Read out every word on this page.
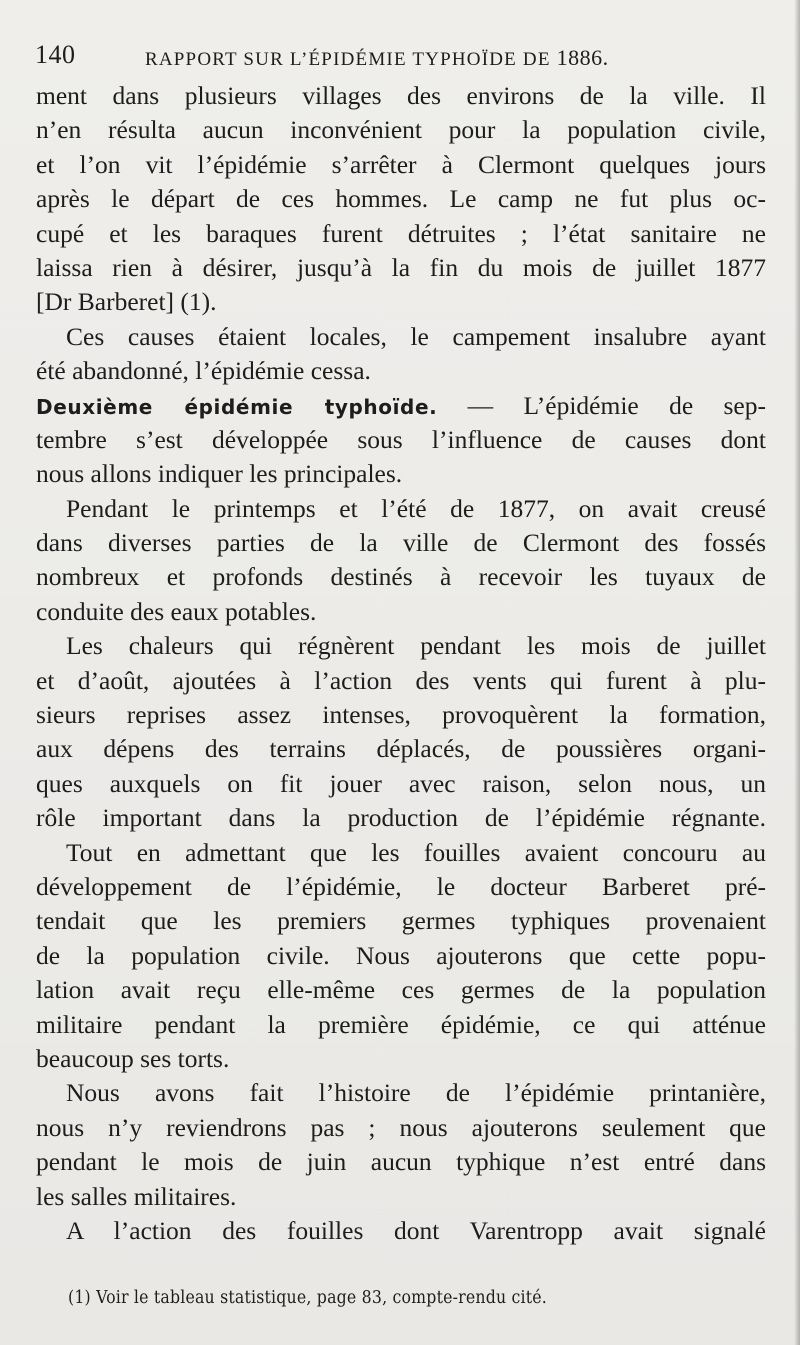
140	RAPPORT SUR L’ÉPIDÉMIE TYPHOÏDE DE 1886.
ment dans plusieurs villages des environs de la ville. Il
n’en résulta aucun inconvénient pour la population civile,
et l’on vit l’épidémie s’arrêter à Clermont quelques jours
après le départ de ces hommes. Le camp ne fut plus oc-
cupé et les baraques furent détruites ; l’état sanitaire ne
laissa rien à désirer, jusqu’à la fin du mois de juillet 1877
[Dr Barberet] (1).
Ces causes étaient locales, le campement insalubre ayant
été abandonné, l’épidémie cessa.
Deuxième épidémie typhoïde. — L’épidémie de sep-
tembre s’est développée sous l’influence de causes dont
nous allons indiquer les principales.
Pendant le printemps et l’été de 1877, on avait creusé
dans diverses parties de la ville de Clermont des fossés
nombreux et profonds destinés à recevoir les tuyaux de
conduite des eaux potables.
Les chaleurs qui régnèrent pendant les mois de juillet
et d’août, ajoutées à l’action des vents qui furent à plu-
sieurs reprises assez intenses, provoquèrent la formation,
aux dépens des terrains déplacés, de poussières organi-
ques auxquels on fit jouer avec raison, selon nous, un
rôle important dans la production de l’épidémie régnante.
Tout en admettant que les fouilles avaient concouru au
développement de l’épidémie, le docteur Barberet pré-
tendait que les premiers germes typhiques provenaient
de la population civile. Nous ajouterons que cette popu-
lation avait reçu elle-même ces germes de la population
militaire pendant la première épidémie, ce qui atténue
beaucoup ses torts.
Nous avons fait l’histoire de l’épidémie printanière,
nous n’y reviendrons pas ; nous ajouterons seulement que
pendant le mois de juin aucun typhique n’est entré dans
les salles militaires.
A l’action des fouilles dont Varentropp avait signalé
(1) Voir le tableau statistique, page 83, compte-rendu cité.
